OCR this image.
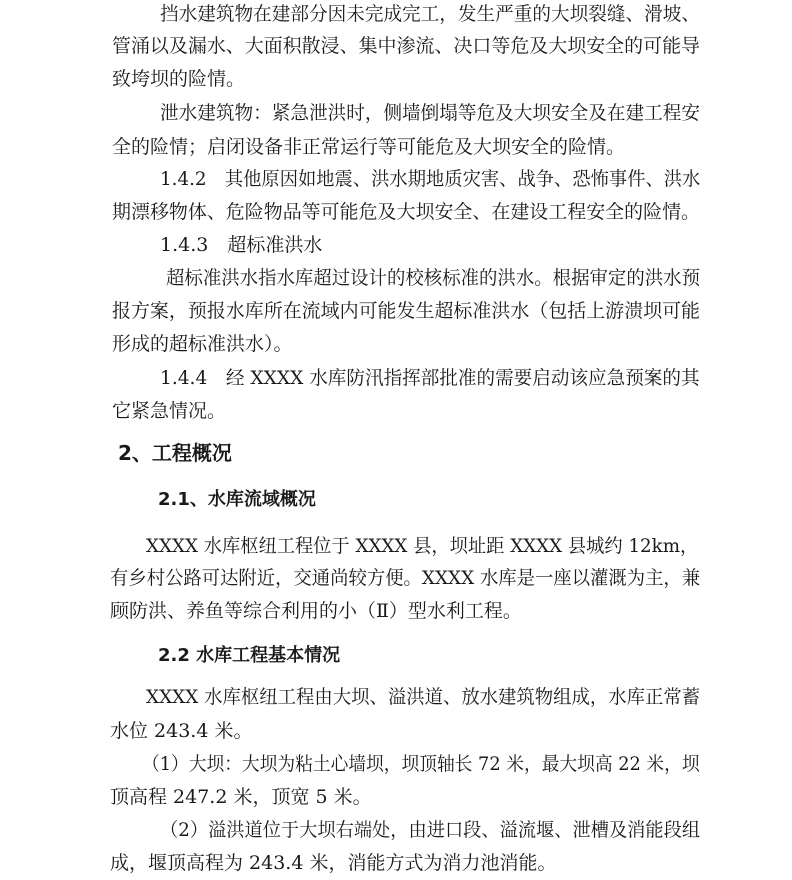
挡水建筑物在建部分因未完成完工，发生严重的大坝裂缝、滑坡、
管涌以及漏水、大面积散浸、集中渗流、决口等危及大坝安全的可能导
致垮坝的险情。
泄水建筑物：紧急泄洪时，侧墙倒塌等危及大坝安全及在建工程安
全的险情；启闭设备非正常运行等可能危及大坝安全的险情。
1.4.2　其他原因如地震、洪水期地质灾害、战争、恐怖事件、洪水
期漂移物体、危险物品等可能危及大坝安全、在建设工程安全的险情。
1.4.3　超标准洪水
超标准洪水指水库超过设计的校核标准的洪水。根据审定的洪水预
报方案，预报水库所在流域内可能发生超标准洪水（包括上游溃坝可能
形成的超标准洪水）。
1.4.4　经 XXXX 水库防汛指挥部批准的需要启动该应急预案的其
它紧急情况。
2、工程概况
2.1、水库流域概况
XXXX 水库枢纽工程位于 XXXX 县，坝址距 XXXX 县城约 12km，
有乡村公路可达附近，交通尚较方便。XXXX 水库是一座以灌溉为主，兼
顾防洪、养鱼等综合利用的小（Ⅱ）型水利工程。
2.2 水库工程基本情况
XXXX 水库枢纽工程由大坝、溢洪道、放水建筑物组成，水库正常蓄
水位 243.4 米。
（1）大坝：大坝为粘土心墙坝，坝顶轴长 72 米，最大坝高 22 米，坝
顶高程 247.2 米，顶宽 5 米。
（2）溢洪道位于大坝右端处，由进口段、溢流堰、泄槽及消能段组
成，堰顶高程为 243.4 米，消能方式为消力池消能。
